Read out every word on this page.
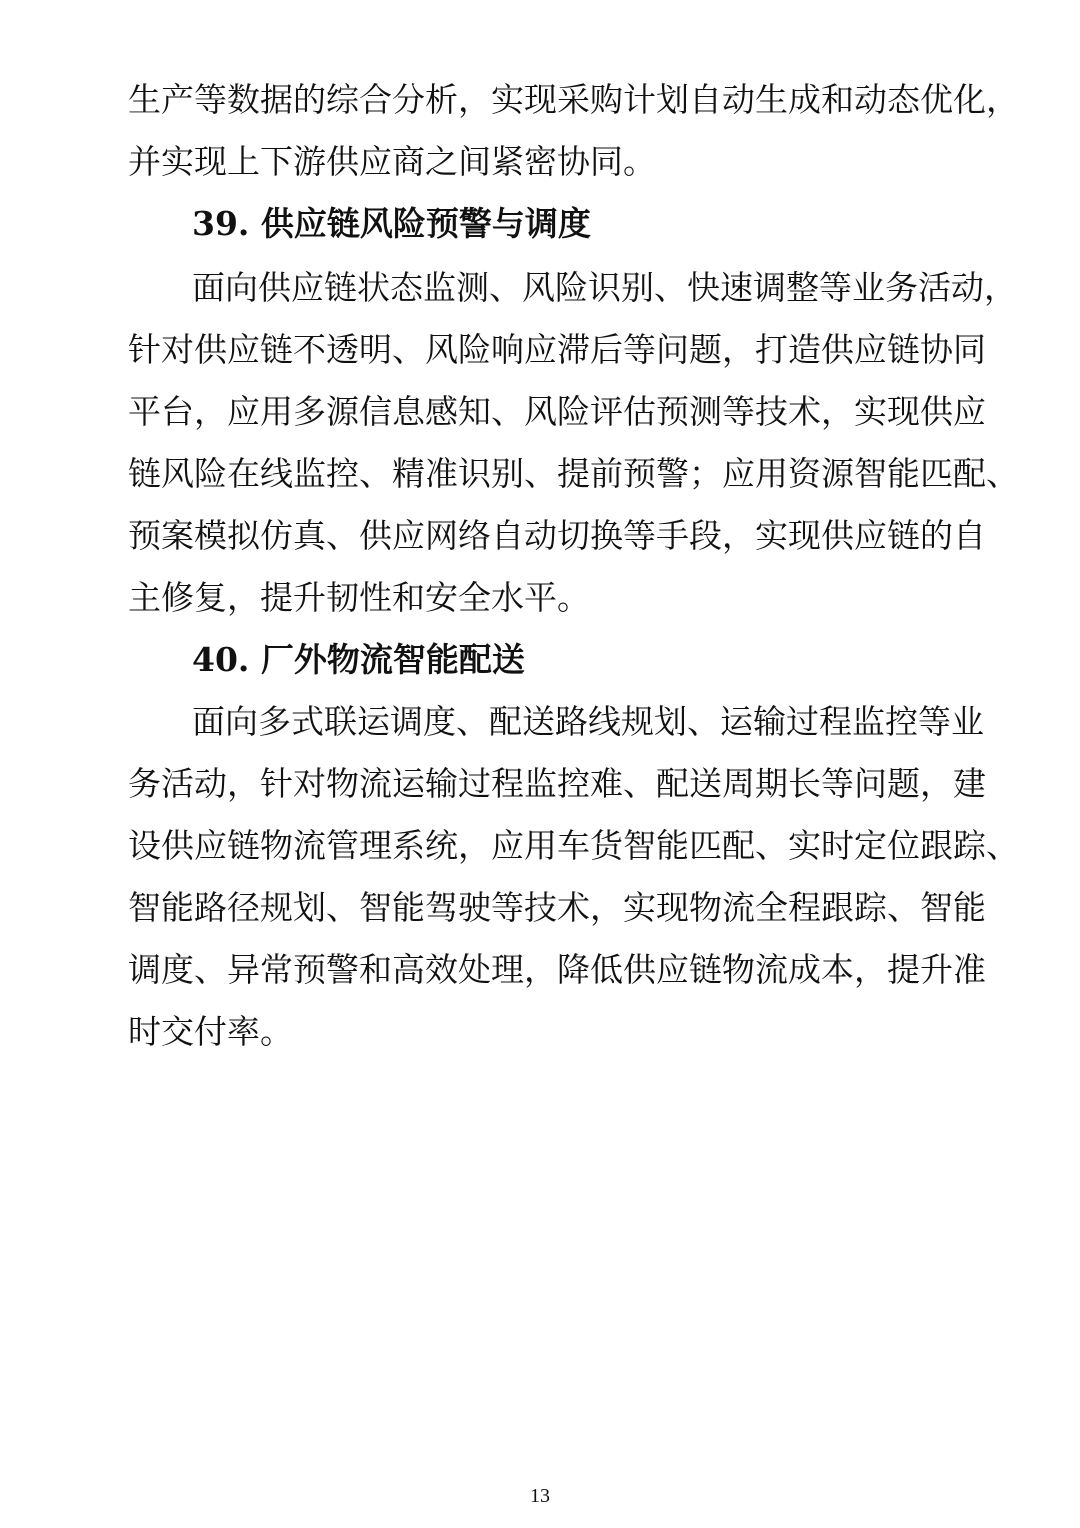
生产等数据的综合分析，实现采购计划自动生成和动态优化，
并实现上下游供应商之间紧密协同。
39. 供应链风险预警与调度
面向供应链状态监测、风险识别、快速调整等业务活动，
针对供应链不透明、风险响应滞后等问题，打造供应链协同
平台，应用多源信息感知、风险评估预测等技术，实现供应
链风险在线监控、精准识别、提前预警；应用资源智能匹配、
预案模拟仿真、供应网络自动切换等手段，实现供应链的自
主修复，提升韧性和安全水平。
40. 厂外物流智能配送
面向多式联运调度、配送路线规划、运输过程监控等业
务活动，针对物流运输过程监控难、配送周期长等问题，建
设供应链物流管理系统，应用车货智能匹配、实时定位跟踪、
智能路径规划、智能驾驶等技术，实现物流全程跟踪、智能
调度、异常预警和高效处理，降低供应链物流成本，提升准
时交付率。
13
